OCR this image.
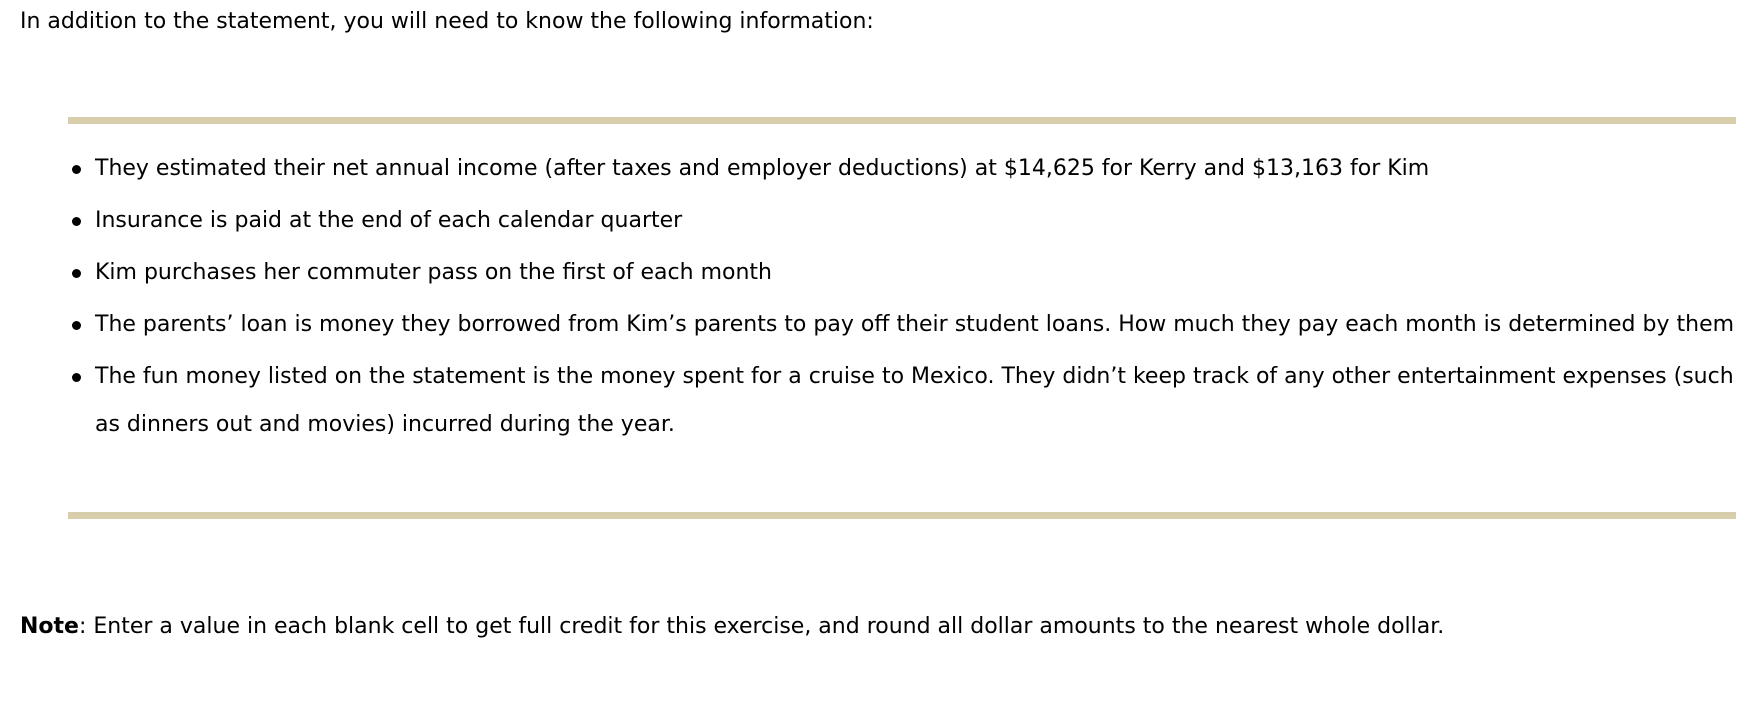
In addition to the statement, you will need to know the following information:

They estimated their net annual income (after taxes and employer deductions) at $14,625 for Kerry and $13,163 for Kim
Insurance is paid at the end of each calendar quarter
Kim purchases her commuter pass on the first of each month
The parents’ loan is money they borrowed from Kim’s parents to pay off their student loans. How much they pay each month is determined by them
The fun money listed on the statement is the money spent for a cruise to Mexico. They didn’t keep track of any other entertainment expenses (such as dinners out and movies) incurred during the year.

Note: Enter a value in each blank cell to get full credit for this exercise, and round all dollar amounts to the nearest whole dollar.
